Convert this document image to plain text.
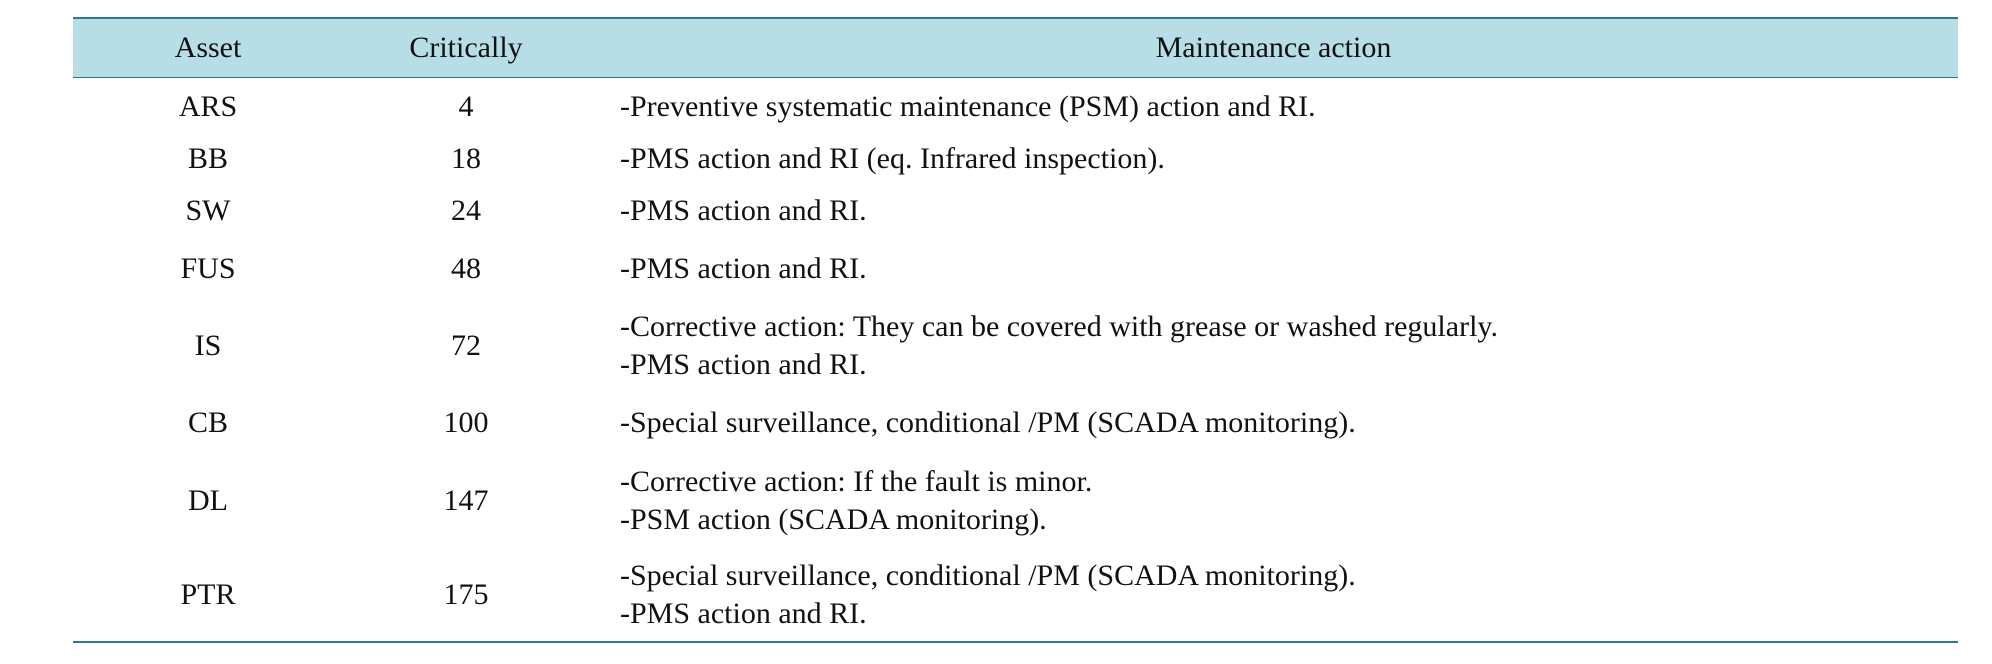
Asset	Critically	Maintenance action
ARS	4	-Preventive systematic maintenance (PSM) action and RI.

BB	18	-PMS action and RI (eq. Infrared inspection).

SW	24	-PMS action and RI.

FUS	48	-PMS action and RI.

IS	72	-Corrective action: They can be covered with grease or washed regularly.
-PMS action and RI.

CB	100	-Special surveillance, conditional /PM (SCADA monitoring).

DL	147	-Corrective action: If the fault is minor.
-PSM action (SCADA monitoring).

PTR	175	-Special surveillance, conditional /PM (SCADA monitoring).
-PMS action and RI.
